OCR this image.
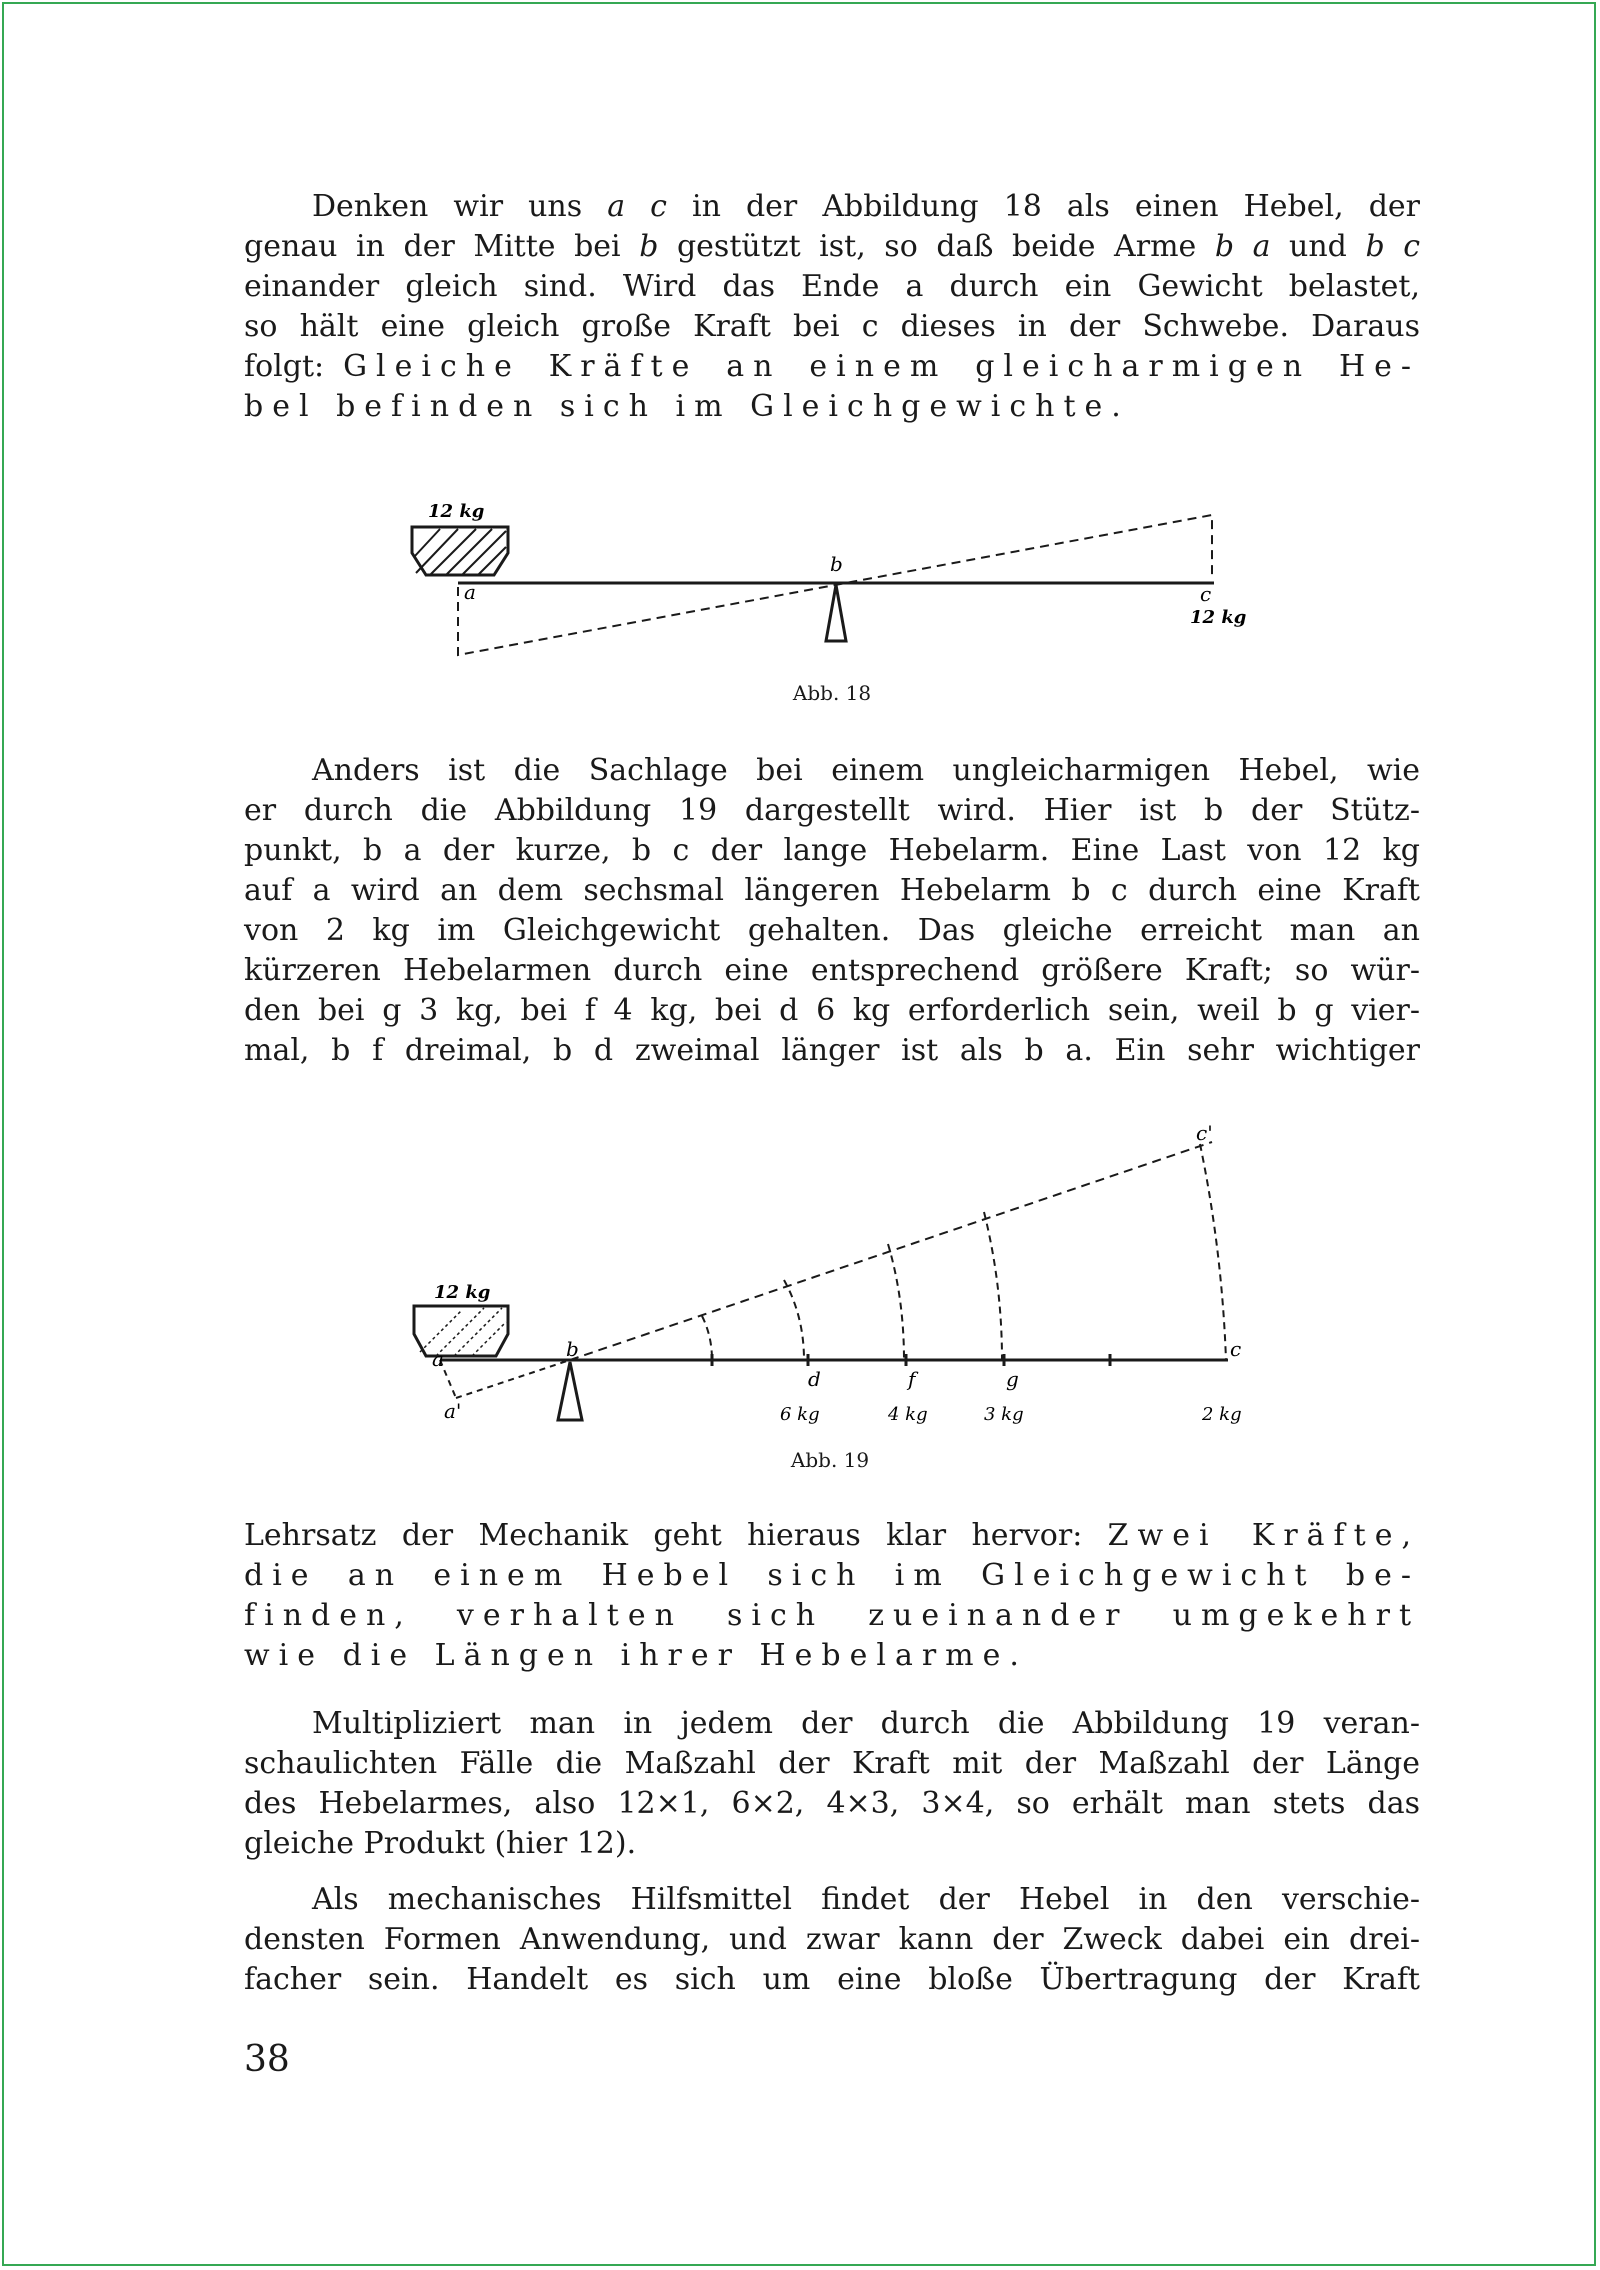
Denken wir uns a c in der Abbildung 18 als einen Hebel, der
genau in der Mitte bei b gestützt ist, so daß beide Arme b a und b c
einander gleich sind. Wird das Ende a durch ein Gewicht belastet,
so hält eine gleich große Kraft bei c dieses in der Schwebe. Daraus
folgt: Gleiche Kräfte an einem gleicharmigen He-
bel befinden sich im Gleichgewichte.
12 kg
a
b
c
12 kg
Abb. 18
Anders ist die Sachlage bei einem ungleicharmigen Hebel, wie
er durch die Abbildung 19 dargestellt wird. Hier ist b der Stütz-
punkt, b a der kurze, b c der lange Hebelarm. Eine Last von 12 kg
auf a wird an dem sechsmal längeren Hebelarm b c durch eine Kraft
von 2 kg im Gleichgewicht gehalten. Das gleiche erreicht man an
kürzeren Hebelarmen durch eine entsprechend größere Kraft; so wür-
den bei g 3 kg, bei f 4 kg, bei d 6 kg erforderlich sein, weil b g vier-
mal, b f dreimal, b d zweimal länger ist als b a. Ein sehr wichtiger
12 kg
a
a'
b
c'
d	f	g
c
6 kg	4 kg	3 kg	2 kg
Abb. 19
Lehrsatz der Mechanik geht hieraus klar hervor: Zwei Kräfte,
die an einem Hebel sich im Gleichgewicht be-
finden, verhalten sich zueinander umgekehrt
wie die Längen ihrer Hebelarme.
Multipliziert man in jedem der durch die Abbildung 19 veran-
schaulichten Fälle die Maßzahl der Kraft mit der Maßzahl der Länge
des Hebelarmes, also 12×1, 6×2, 4×3, 3×4, so erhält man stets das
gleiche Produkt (hier 12).
Als mechanisches Hilfsmittel findet der Hebel in den verschie-
densten Formen Anwendung, und zwar kann der Zweck dabei ein drei-
facher sein. Handelt es sich um eine bloße Übertragung der Kraft
38
